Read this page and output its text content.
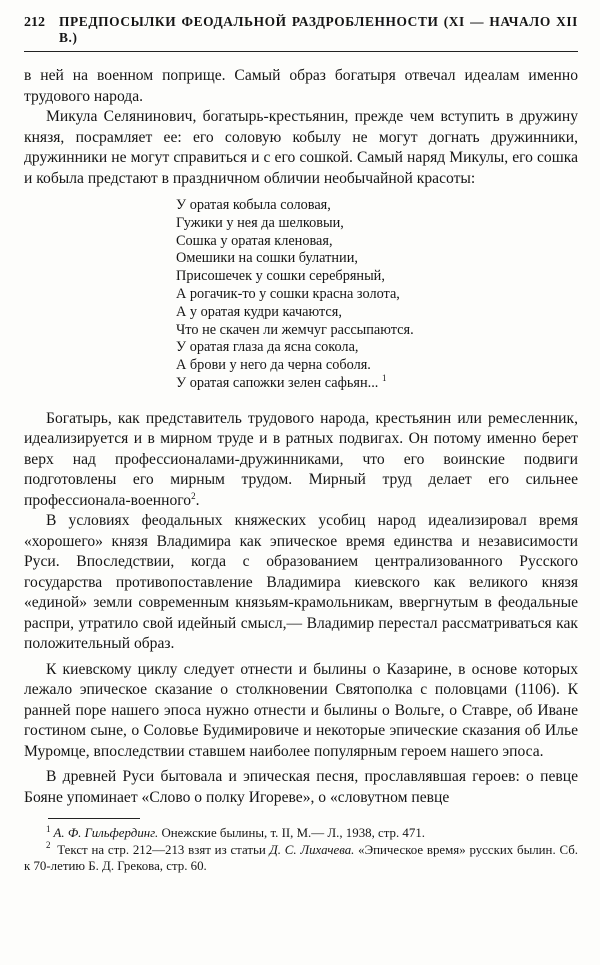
212 ПРЕДПОСЫЛКИ ФЕОДАЛЬНОЙ РАЗДРОБЛЕННОСТИ (XI — НАЧАЛО XII В.)

в ней на военном поприще. Самый образ богатыря отвечал идеалам именно трудового народа.

Микула Селянинович, богатырь-крестьянин, прежде чем вступить в дружину князя, посрамляет ее: его соловую кобылу не могут догнать дружинники, дружинники не могут справиться и с его сошкой. Самый наряд Микулы, его сошка и кобыла предстают в праздничном обличии необычайной красоты:

У оратая кобыла соловая,
Гужики у нея да шелковыи,
Сошка у оратая кленовая,
Омешики на сошки булатнии,
Присошечек у сошки серебряный,
А рогачик-то у сошки красна золота,
А у оратая кудри качаются,
Что не скачен ли жемчуг рассыпаются.
У оратая глаза да ясна сокола,
А брови у него да черна соболя.
У оратая сапожки зелен сафьян... $^1$

Богатырь, как представитель трудового народа, крестьянин или ремесленник, идеализируется и в мирном труде и в ратных подвигах. Он потому именно берет верх над профессионалами-дружинниками, что его воинские подвиги подготовлены его мирным трудом. Мирный труд делает его сильнее профессионала-военного$^2$.

В условиях феодальных княжеских усобиц народ идеализировал время «хорошего» князя Владимира как эпическое время единства и независимости Руси. Впоследствии, когда с образованием централизованного Русского государства противопоставление Владимира киевского как великого князя «единой» земли современным князьям-крамольникам, ввергнутым в феодальные распри, утратило свой идейный смысл,— Владимир перестал рассматриваться как положительный образ.

К киевскому циклу следует отнести и былины о Казарине, в основе которых лежало эпическое сказание о столкновении Святополка с половцами (1106). К ранней поре нашего эпоса нужно отнести и былины о Вольге, о Ставре, об Иване гостином сыне, о Соловье Будимировиче и некоторые эпические сказания об Илье Муромце, впоследствии ставшем наиболее популярным героем нашего эпоса.

В древней Руси бытовала и эпическая песня, прославлявшая героев: о певце Бояне упоминает «Слово о полку Игореве», о «словутном певце

$^1$ А. Ф. Гильфердинг. Онежские былины, т. II, М.— Л., 1938, стр. 471.

$^2$ Текст на стр. 212—213 взят из статьи Д. С. Лихачева. «Эпическое время» русских былин. Сб. к 70-летию Б. Д. Грекова, стр. 60.
